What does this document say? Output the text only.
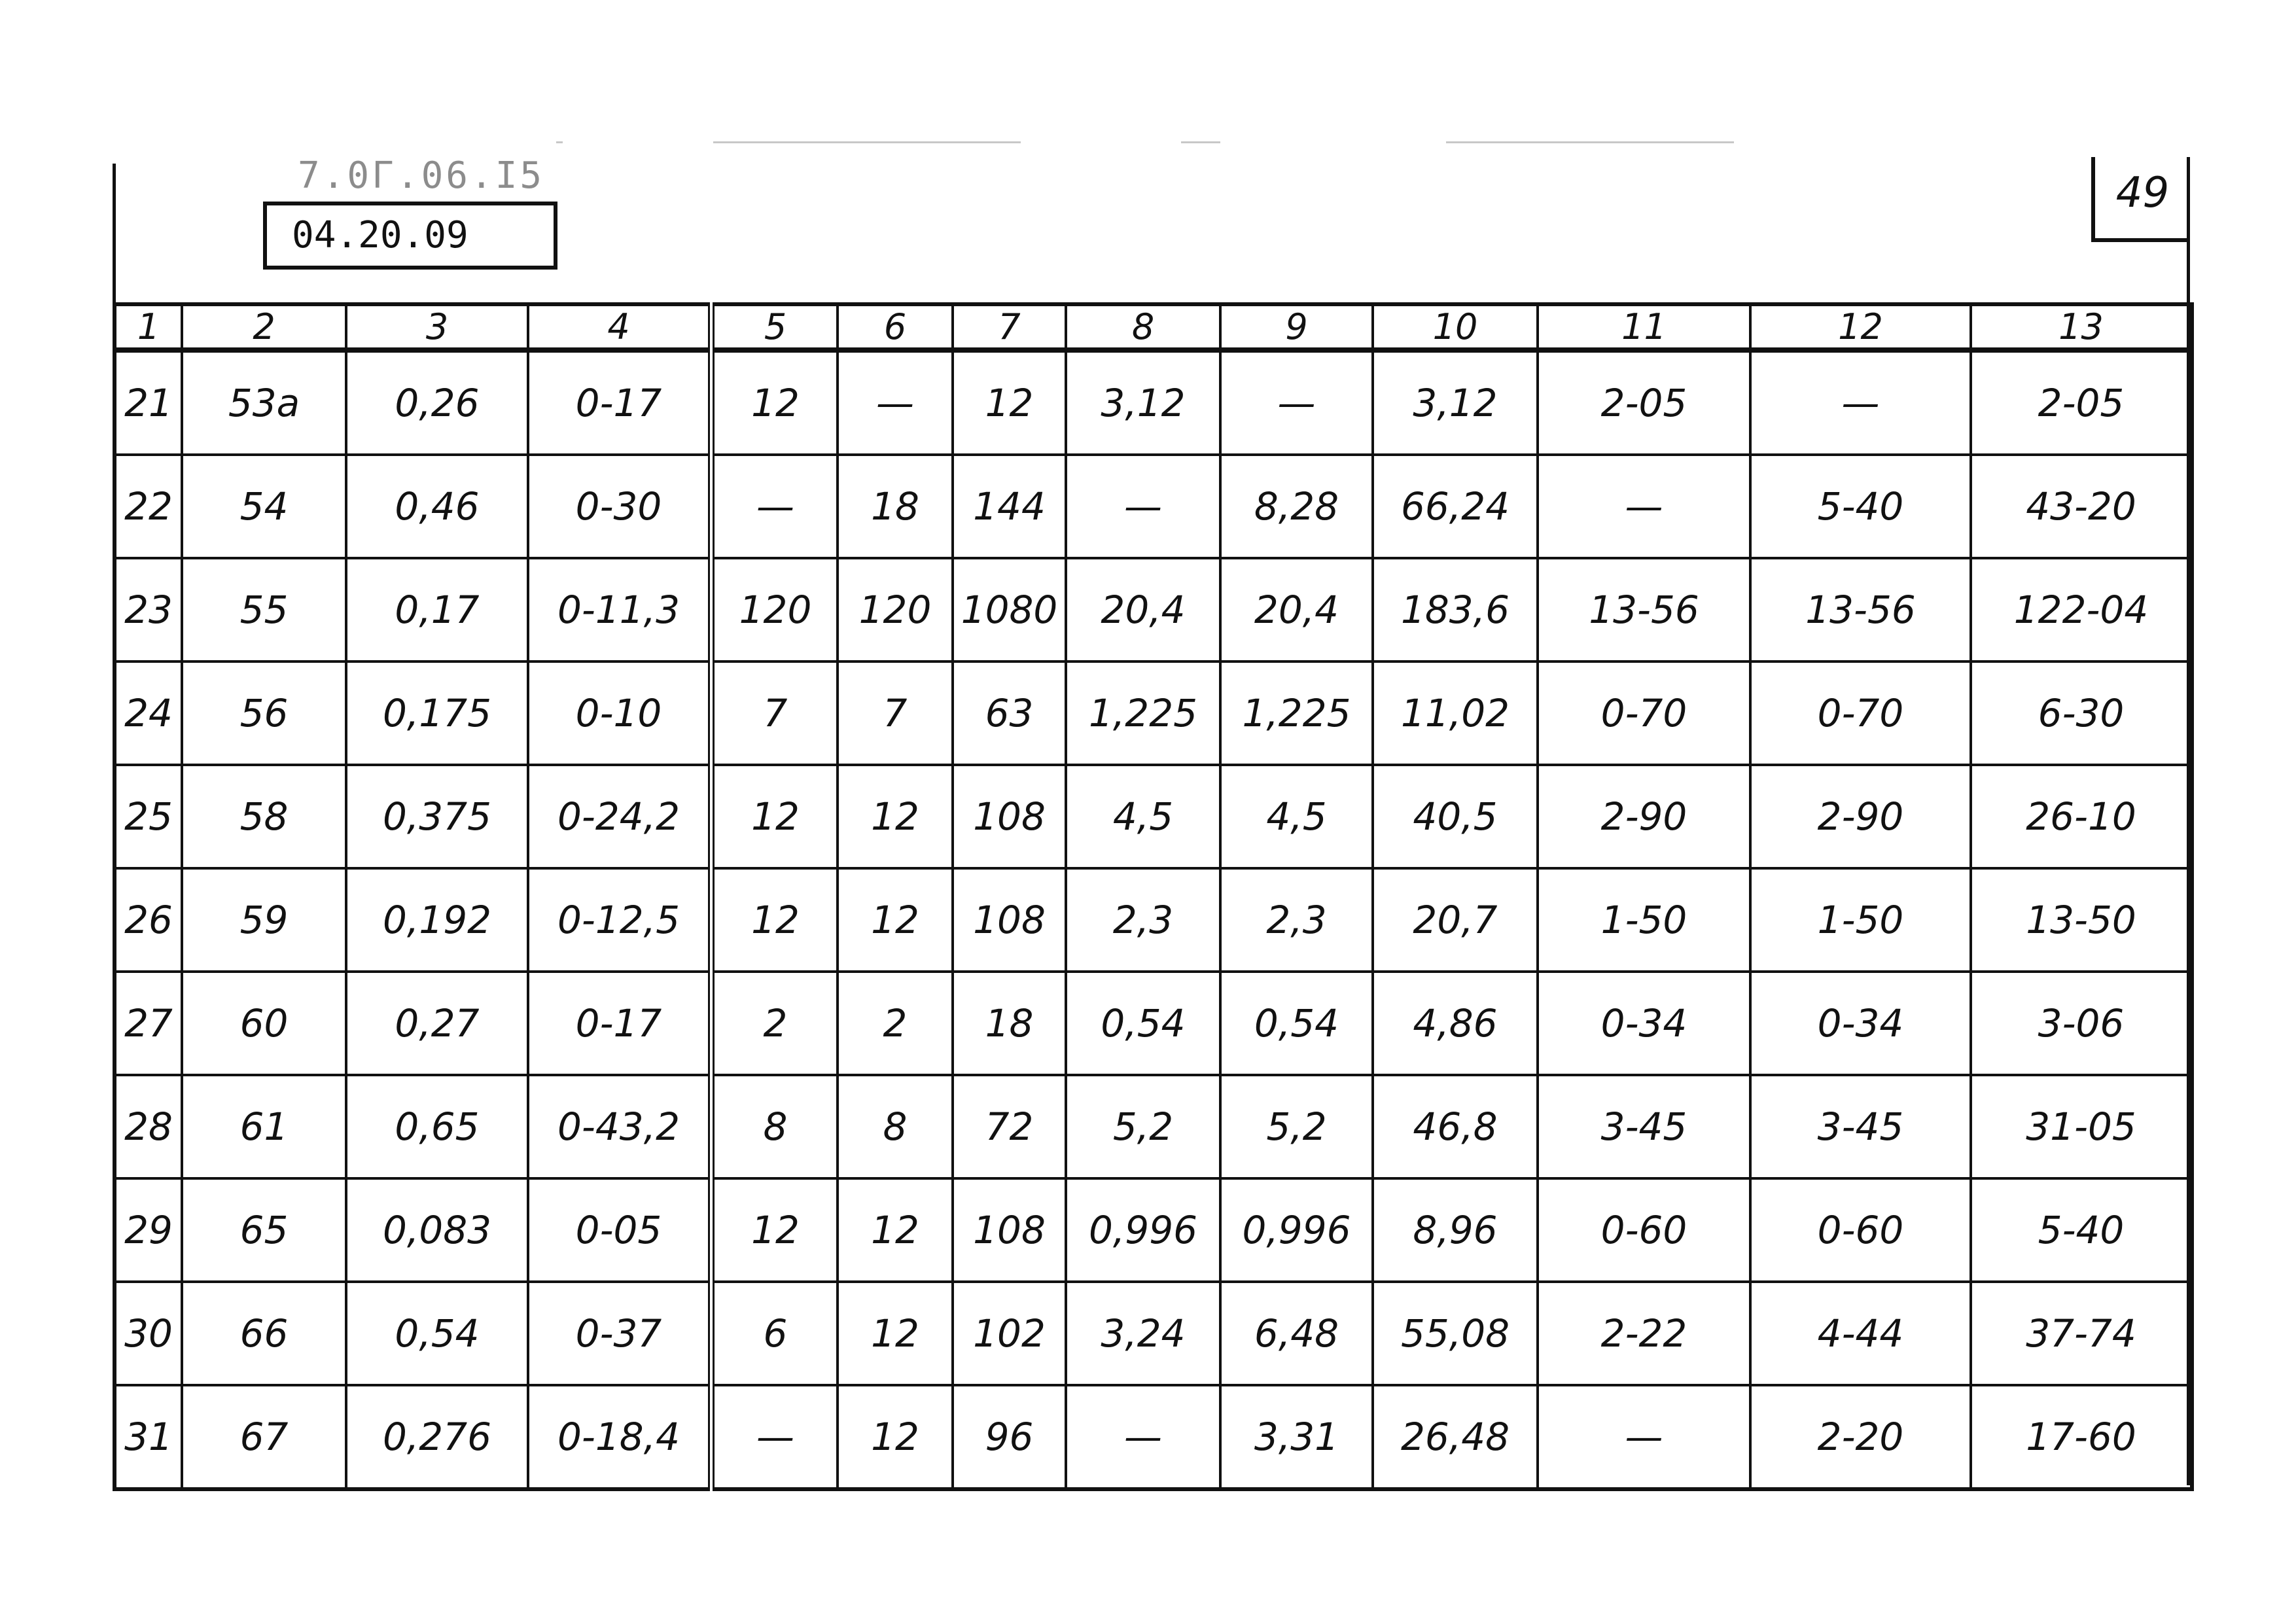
7.0Г.06.I5
04.20.09
49
1	2	3	4	5	6	7	8	9	10	11	12	13
21	53a	0,26	0-17	12	—	12	3,12	—	3,12	2-05	—	2-05
22	54	0,46	0-30	—	18	144	—	8,28	66,24	—	5-40	43-20
23	55	0,17	0-11,3	120	120	1080	20,4	20,4	183,6	13-56	13-56	122-04
24	56	0,175	0-10	7	7	63	1,225	1,225	11,02	0-70	0-70	6-30
25	58	0,375	0-24,2	12	12	108	4,5	4,5	40,5	2-90	2-90	26-10
26	59	0,192	0-12,5	12	12	108	2,3	2,3	20,7	1-50	1-50	13-50
27	60	0,27	0-17	2	2	18	0,54	0,54	4,86	0-34	0-34	3-06
28	61	0,65	0-43,2	8	8	72	5,2	5,2	46,8	3-45	3-45	31-05
29	65	0,083	0-05	12	12	108	0,996	0,996	8,96	0-60	0-60	5-40
30	66	0,54	0-37	6	12	102	3,24	6,48	55,08	2-22	4-44	37-74
31	67	0,276	0-18,4	—	12	96	—	3,31	26,48	—	2-20	17-60
